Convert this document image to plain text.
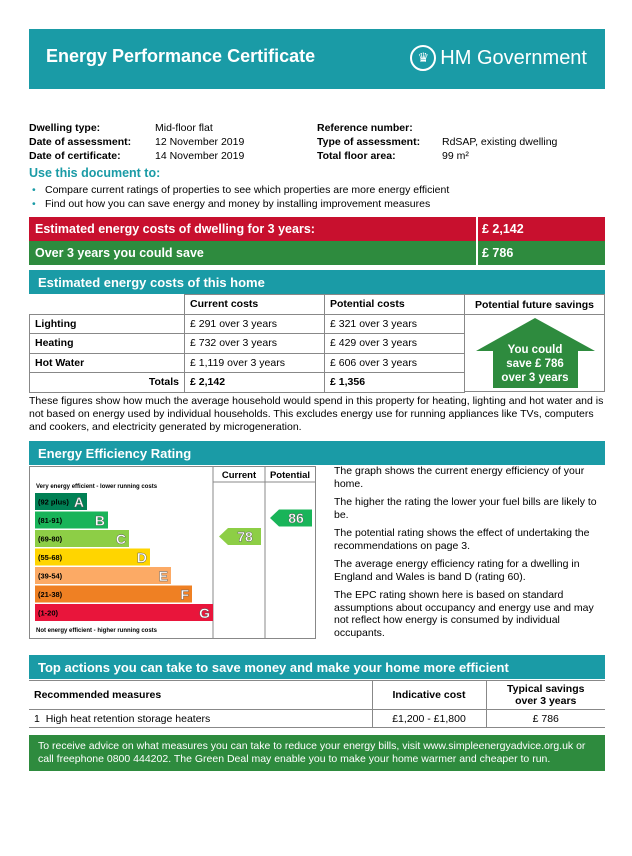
Energy Performance Certificate	♛ HM Government
Dwelling type:	Mid-floor flat
Date of assessment: 12 November 2019
Date of certificate:	14 November 2019
Reference number:
Type of assessment: RdSAP, existing dwelling
Total floor area:	99 m²
Use this document to:
• Compare current ratings of properties to see which properties are more energy efficient
• Find out how you can save energy and money by installing improvement measures
Estimated energy costs of dwelling for 3 years:	£ 2,142
Over 3 years you could save	£ 786
Estimated energy costs of this home
	Current costs	Potential costs
Lighting	£ 291 over 3 years	£ 321 over 3 years
Heating	£ 732 over 3 years	£ 429 over 3 years
Hot Water	£ 1,119 over 3 years	£ 606 over 3 years
Totals	£ 2,142	£ 1,356
Potential future savings
You could
save £ 786
over 3 years
These figures show how much the average household would spend in this property for heating, lighting and hot water and is not based on energy used by individual households. This excludes energy use for running appliances like TVs, computers and cookers, and electricity generated by microgeneration.
Energy Efficiency Rating
Current Potential
Very energy efficient - lower running costs
Not energy efficient - higher running costs
(92 plus) A
(81-91) B
(69-80)	C
(55-68)	D
(39-54)	E
(21-38)	F
(1-20)	G
78
86

The graph shows the current energy efficiency of your home.

The higher the rating the lower your fuel bills are likely to be.

The potential rating shows the effect of undertaking the recommendations on page 3.

The average energy efficiency rating for a dwelling in England and Wales is band D (rating 60).

The EPC rating shown here is based on standard assumptions about occupancy and energy use and may not reflect how energy is consumed by individual occupants.

Top actions you can take to save money and make your home more efficient
Recommended measures	Indicative cost	Typical savings
over 3 years

1 High heat retention storage heaters	£1,200 - £1,800	£ 786
To receive advice on what measures you can take to reduce your energy bills, visit www.simpleenergyadvice.org.uk or
call freephone 0800 444202. The Green Deal may enable you to make your home warmer and cheaper to run.
